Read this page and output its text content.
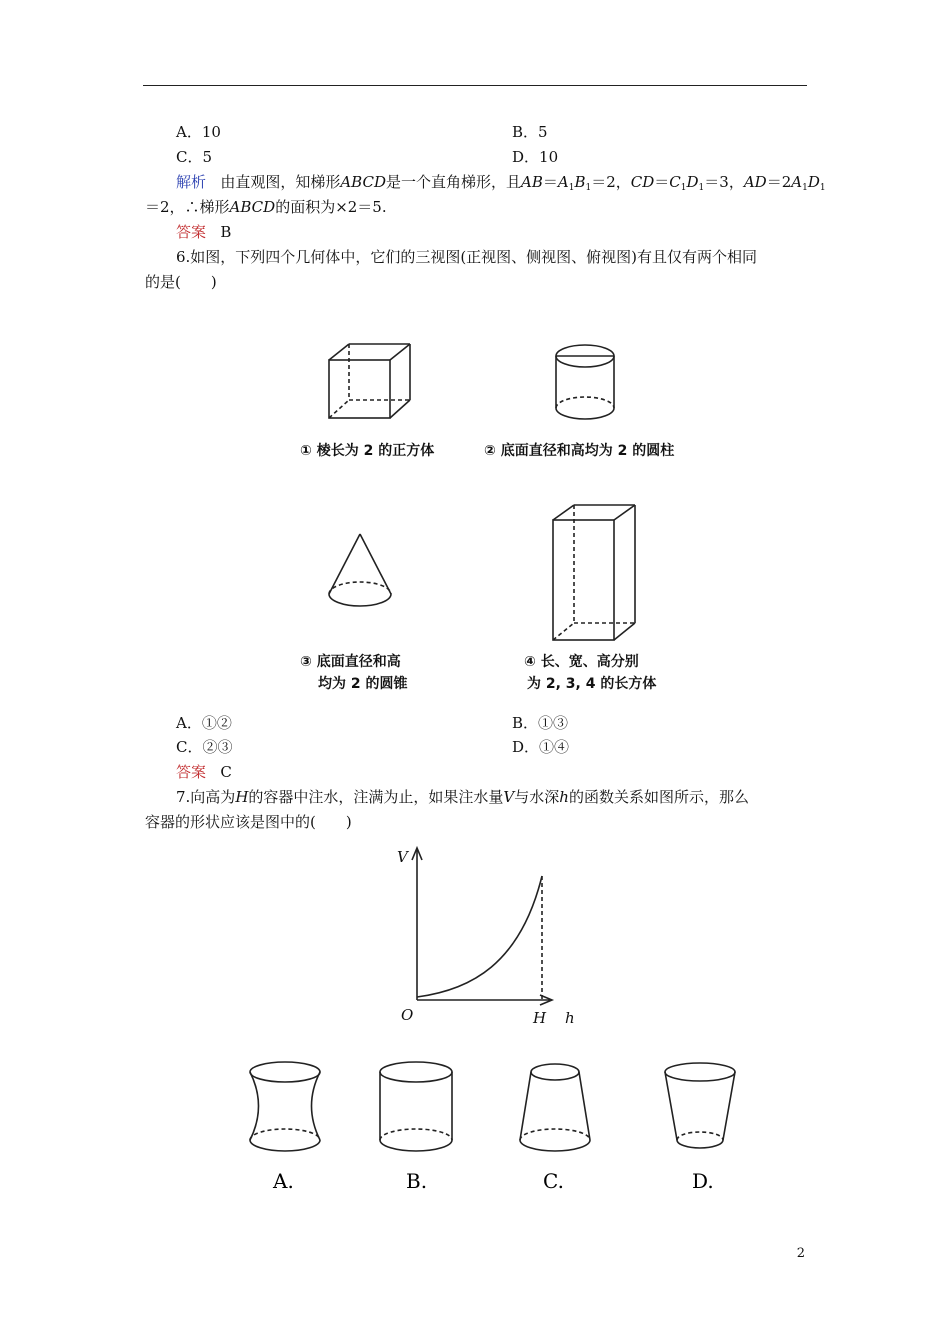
A．10	B．5
C．5	D．10
解析 由直观图，知梯形ABCD是一个直角梯形，且$AB=A_1B_1=2$，$CD=C_1D_1=3$，$AD=2A_1D_1$
＝2，∴梯形ABCD的面积为×2＝5.
答案 B
6.如图，下列四个几何体中，它们的三视图(正视图、侧视图、俯视图)有且仅有两个相同
的是(　　)
① 棱长为 2 的正方体	② 底面直径和高均为 2 的圆柱
③ 底面直径和高
均为 2 的圆锥
④ 长、宽、高分别
为 2, 3, 4 的长方体
A．①②	B．①③
C．②③	D．①④
答案 C
7.向高为H的容器中注水，注满为止，如果注水量V与水深h的函数关系如图所示，那么
容器的形状应该是图中的(　　)
V
O	H h
A.	B.	C.	D.
2
